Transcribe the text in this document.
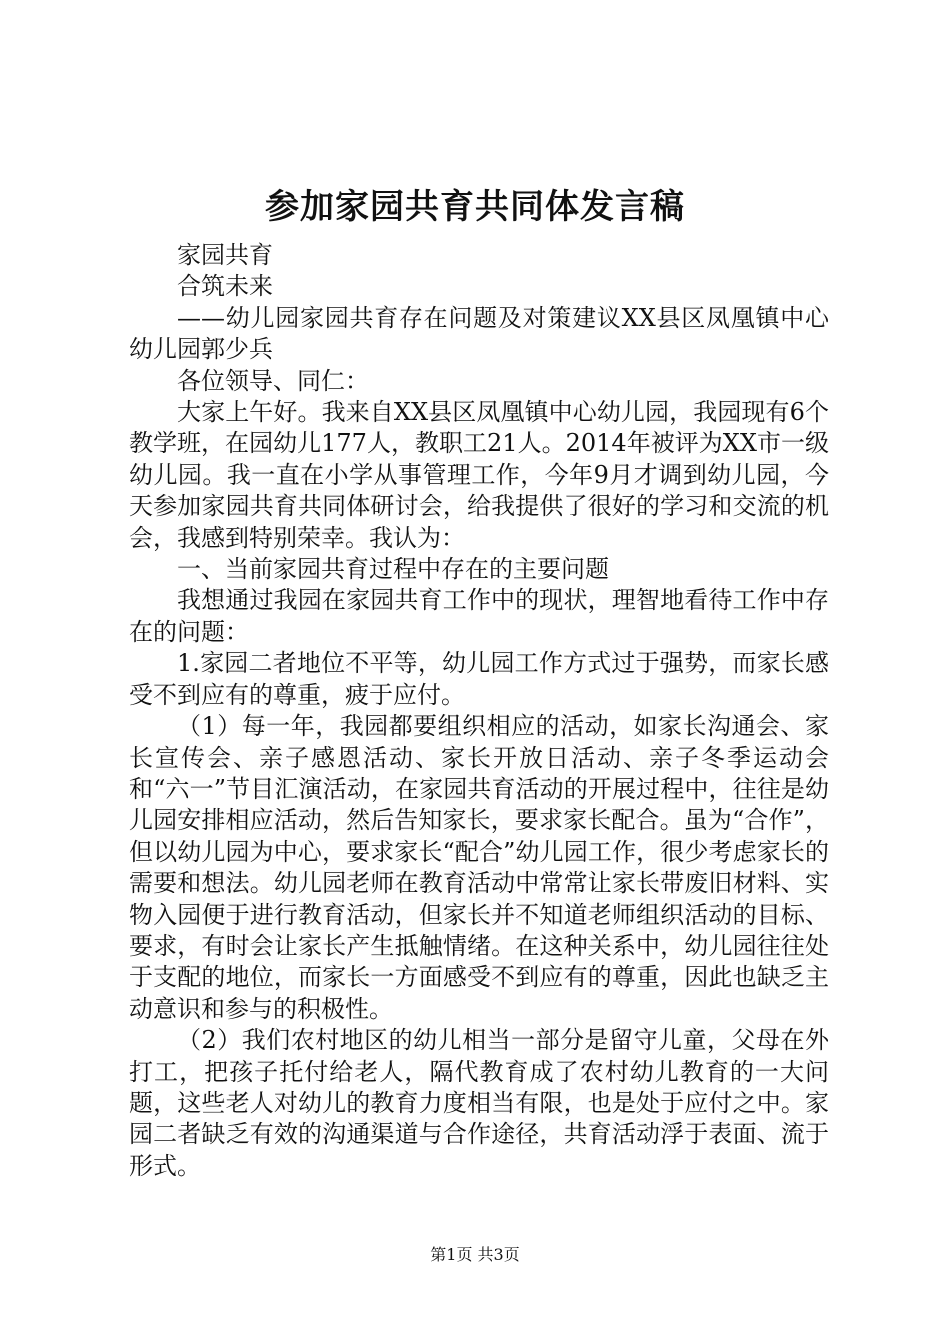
参加家园共育共同体发言稿

家园共育

合筑未来

——幼儿园家园共育存在问题及对策建议XX县区凤凰镇中心幼儿园郭少兵

各位领导、同仁：

大家上午好。我来自XX县区凤凰镇中心幼儿园，我园现有6个教学班，在园幼儿177人，教职工21人。2014年被评为XX市一级幼儿园。我一直在小学从事管理工作，今年9月才调到幼儿园，今天参加家园共育共同体研讨会，给我提供了很好的学习和交流的机会，我感到特别荣幸。我认为：

一、当前家园共育过程中存在的主要问题

我想通过我园在家园共育工作中的现状，理智地看待工作中存在的问题：

1.家园二者地位不平等，幼儿园工作方式过于强势，而家长感受不到应有的尊重，疲于应付。

（1）每一年，我园都要组织相应的活动，如家长沟通会、家长宣传会、亲子感恩活动、家长开放日活动、亲子冬季运动会和“六一”节目汇演活动，在家园共育活动的开展过程中，往往是幼儿园安排相应活动，然后告知家长，要求家长配合。虽为“合作”，但以幼儿园为中心，要求家长“配合”幼儿园工作，很少考虑家长的需要和想法。幼儿园老师在教育活动中常常让家长带废旧材料、实物入园便于进行教育活动，但家长并不知道老师组织活动的目标、要求，有时会让家长产生抵触情绪。在这种关系中，幼儿园往往处于支配的地位，而家长一方面感受不到应有的尊重，因此也缺乏主动意识和参与的积极性。

（2）我们农村地区的幼儿相当一部分是留守儿童，父母在外打工，把孩子托付给老人，隔代教育成了农村幼儿教育的一大问题，这些老人对幼儿的教育力度相当有限，也是处于应付之中。家园二者缺乏有效的沟通渠道与合作途径，共育活动浮于表面、流于形式。

第1页 共3页
